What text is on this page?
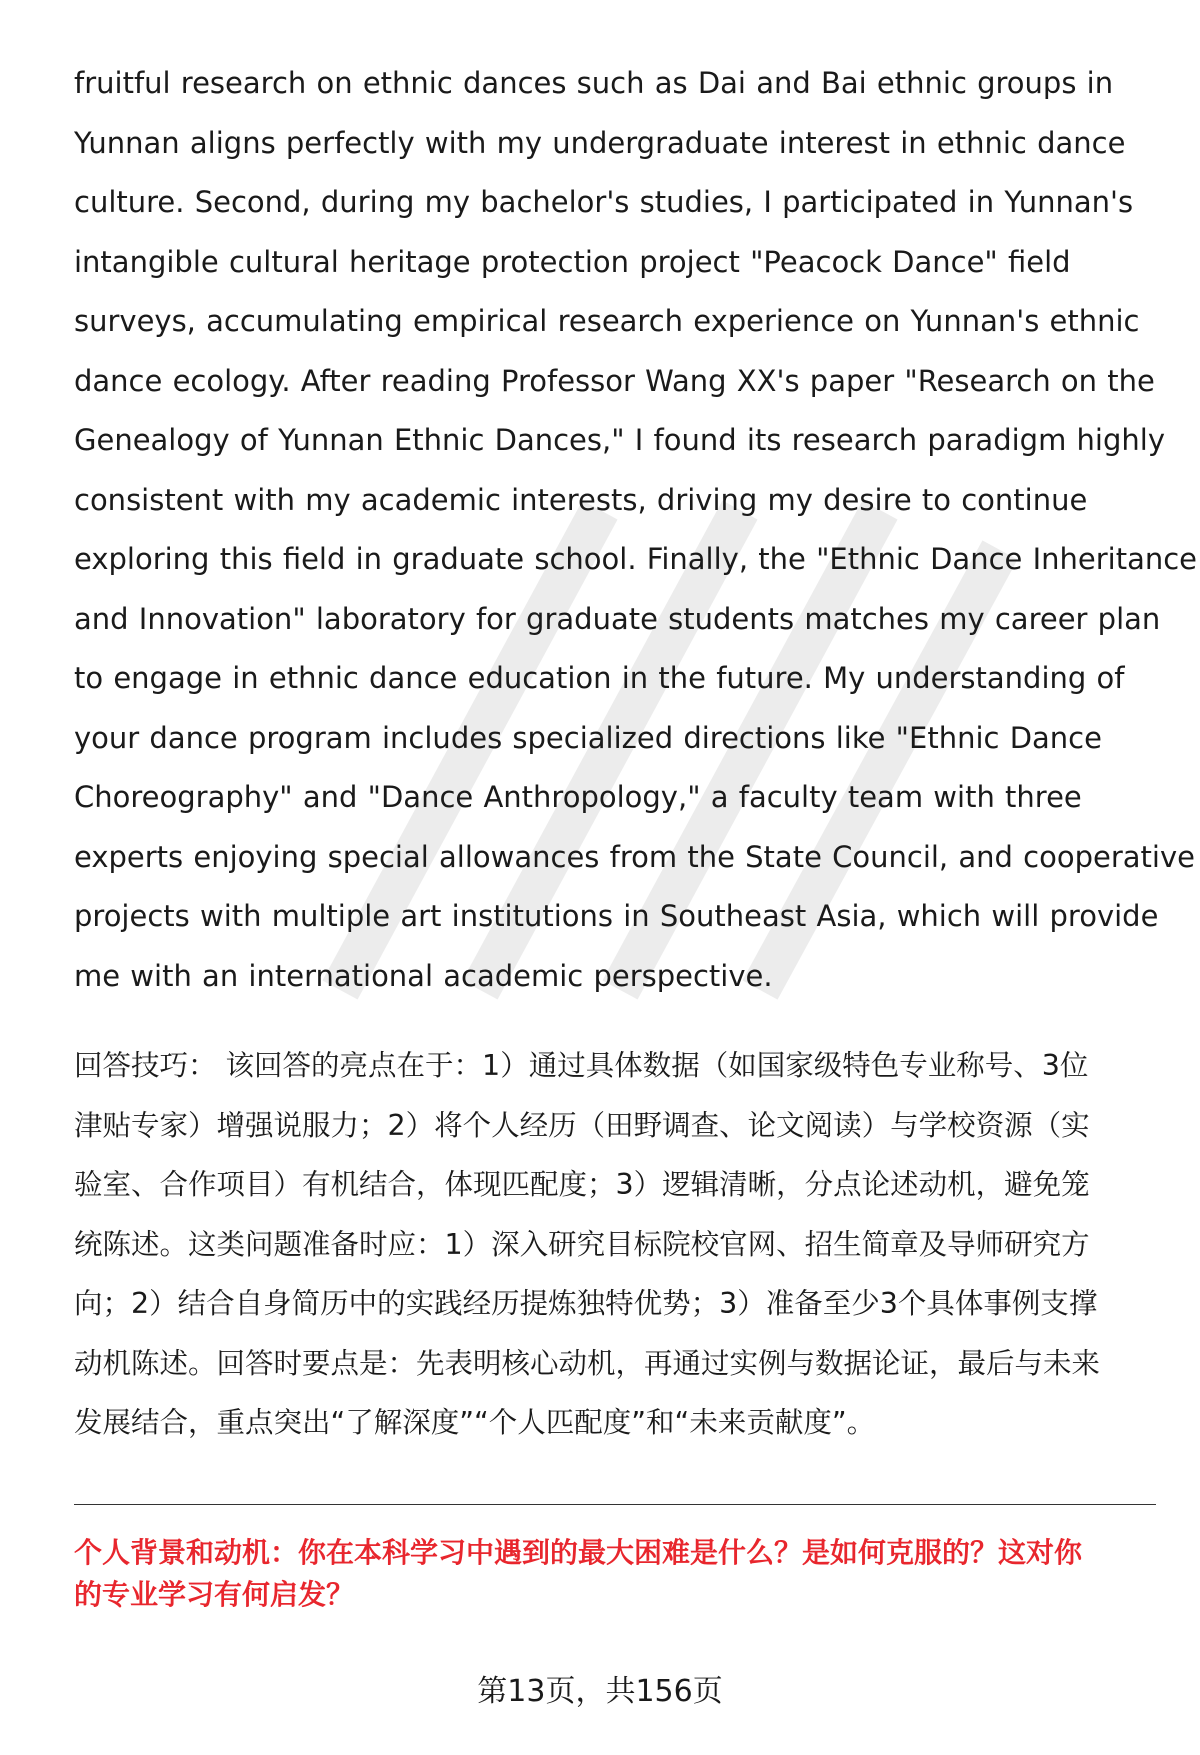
fruitful research on ethnic dances such as Dai and Bai ethnic groups in
Yunnan aligns perfectly with my undergraduate interest in ethnic dance
culture. Second, during my bachelor's studies, I participated in Yunnan's
intangible cultural heritage protection project "Peacock Dance" field
surveys, accumulating empirical research experience on Yunnan's ethnic
dance ecology. After reading Professor Wang XX's paper "Research on the
Genealogy of Yunnan Ethnic Dances," I found its research paradigm highly
consistent with my academic interests, driving my desire to continue
exploring this field in graduate school. Finally, the "Ethnic Dance Inheritance
and Innovation" laboratory for graduate students matches my career plan
to engage in ethnic dance education in the future. My understanding of
your dance program includes specialized directions like "Ethnic Dance
Choreography" and "Dance Anthropology," a faculty team with three
experts enjoying special allowances from the State Council, and cooperative
projects with multiple art institutions in Southeast Asia, which will provide
me with an international academic perspective.
回答技巧： 该回答的亮点在于：1）通过具体数据（如国家级特色专业称号、3位
津贴专家）增强说服力；2）将个人经历（田野调查、论文阅读）与学校资源（实
验室、合作项目）有机结合，体现匹配度；3）逻辑清晰，分点论述动机，避免笼
统陈述。这类问题准备时应：1）深入研究目标院校官网、招生简章及导师研究方
向；2）结合自身简历中的实践经历提炼独特优势；3）准备至少3个具体事例支撑
动机陈述。回答时要点是：先表明核心动机，再通过实例与数据论证，最后与未来
发展结合，重点突出“了解深度”“个人匹配度”和“未来贡献度”。
个人背景和动机：你在本科学习中遇到的最大困难是什么？是如何克服的？这对你
的专业学习有何启发？
第13页，共156页
